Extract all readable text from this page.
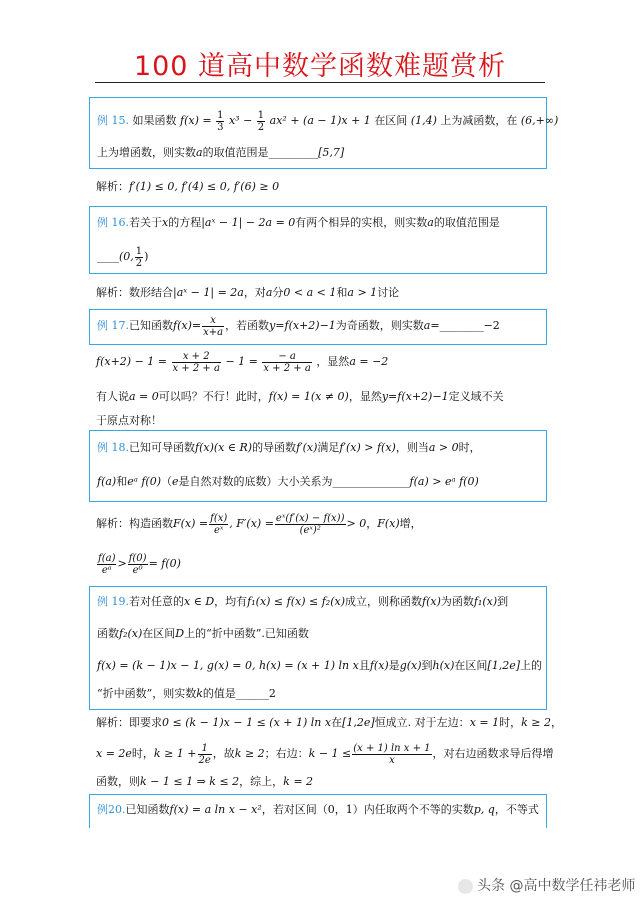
100 道高中数学函数难题赏析
例 15. 如果函数 $f(x) = \frac{1}{3} x^3 - \frac{1}{2} ax^2 + (a - 1)x + 1$ 在区间 (1,4) 上为减函数，在 (6,+∞)
上为增函数，则实数a的取值范围是_________[5,7]
解析：f′(1) ≤ 0, f′(4) ≤ 0, f′(6) ≥ 0
例 16.若关于x的方程|aˣ − 1| − 2a = 0有两个相异的实根，则实数a的取值范围是
____(0, $\frac{1}{2}$ )
解析：数形结合|aˣ − 1| = 2a，对a分0 < a < 1和a > 1讨论
例 17.已知函数$f(x)= \frac{x}{x+a}$ ，若函数y=f(x+2)−1为奇函数，则实数a=________−2
$f(x+2) - 1 = \frac{x + 2}{x + 2 + a} - 1 = \frac{- a}{x + 2 + a}$ ，显然a = −2
有人说a = 0可以吗？不行！此时，f(x) = 1(x ≠ 0)，显然y=f(x+2)−1定义域不关
于原点对称！
例 18.已知可导函数f(x)(x ∈ R)的导函数f′(x)满足f′(x) > f(x)，则当a > 0时，
f(a)和eᵃ f(0)（e是自然对数的底数）大小关系为______________f(a) > eᵃ f(0)
解析：构造函数$F(x) = \frac{f(x)}{\text{eˣ}}$ , $F'(x) = \frac{\text{eˣ(f′(x) − f(x))}}{\text{(eˣ)²}} > 0$，F(x)增，
$\frac{f(a)}{\text{eᵃ}} > \frac{f(0)}{\text{e⁰}} = f(0)$
例 19.若对任意的x ∈ D，均有f₁(x) ≤ f(x) ≤ f₂(x)成立，则称函数f(x)为函数f₁(x)到
函数f₂(x)在区间D上的“折中函数”.已知函数
f(x) = (k − 1)x − 1, g(x) = 0, h(x) = (x + 1) ln x且f(x)是g(x)到h(x)在区间[1,2e]上的
“折中函数”，则实数k的值是______2
解析：即要求0 ≤ (k − 1)x − 1 ≤ (x + 1) ln x在[1,2e]恒成立. 对于左边：x = 1时，k ≥ 2，
x = 2e时，$k \ge 1 + \frac{1}{2e}$ ，故k ≥ 2；右边：$k - 1 \le \frac{\text{(x + 1) ln x + 1}}{x}$ ，对右边函数求导后得增
函数，则k − 1 ≤ 1 ⇒ k ≤ 2，综上，k = 2
例20.已知函数f(x) = a ln x − x²，若对区间（0，1）内任取两个不等的实数p, q，不等式
头条 @高中数学任祎老师
